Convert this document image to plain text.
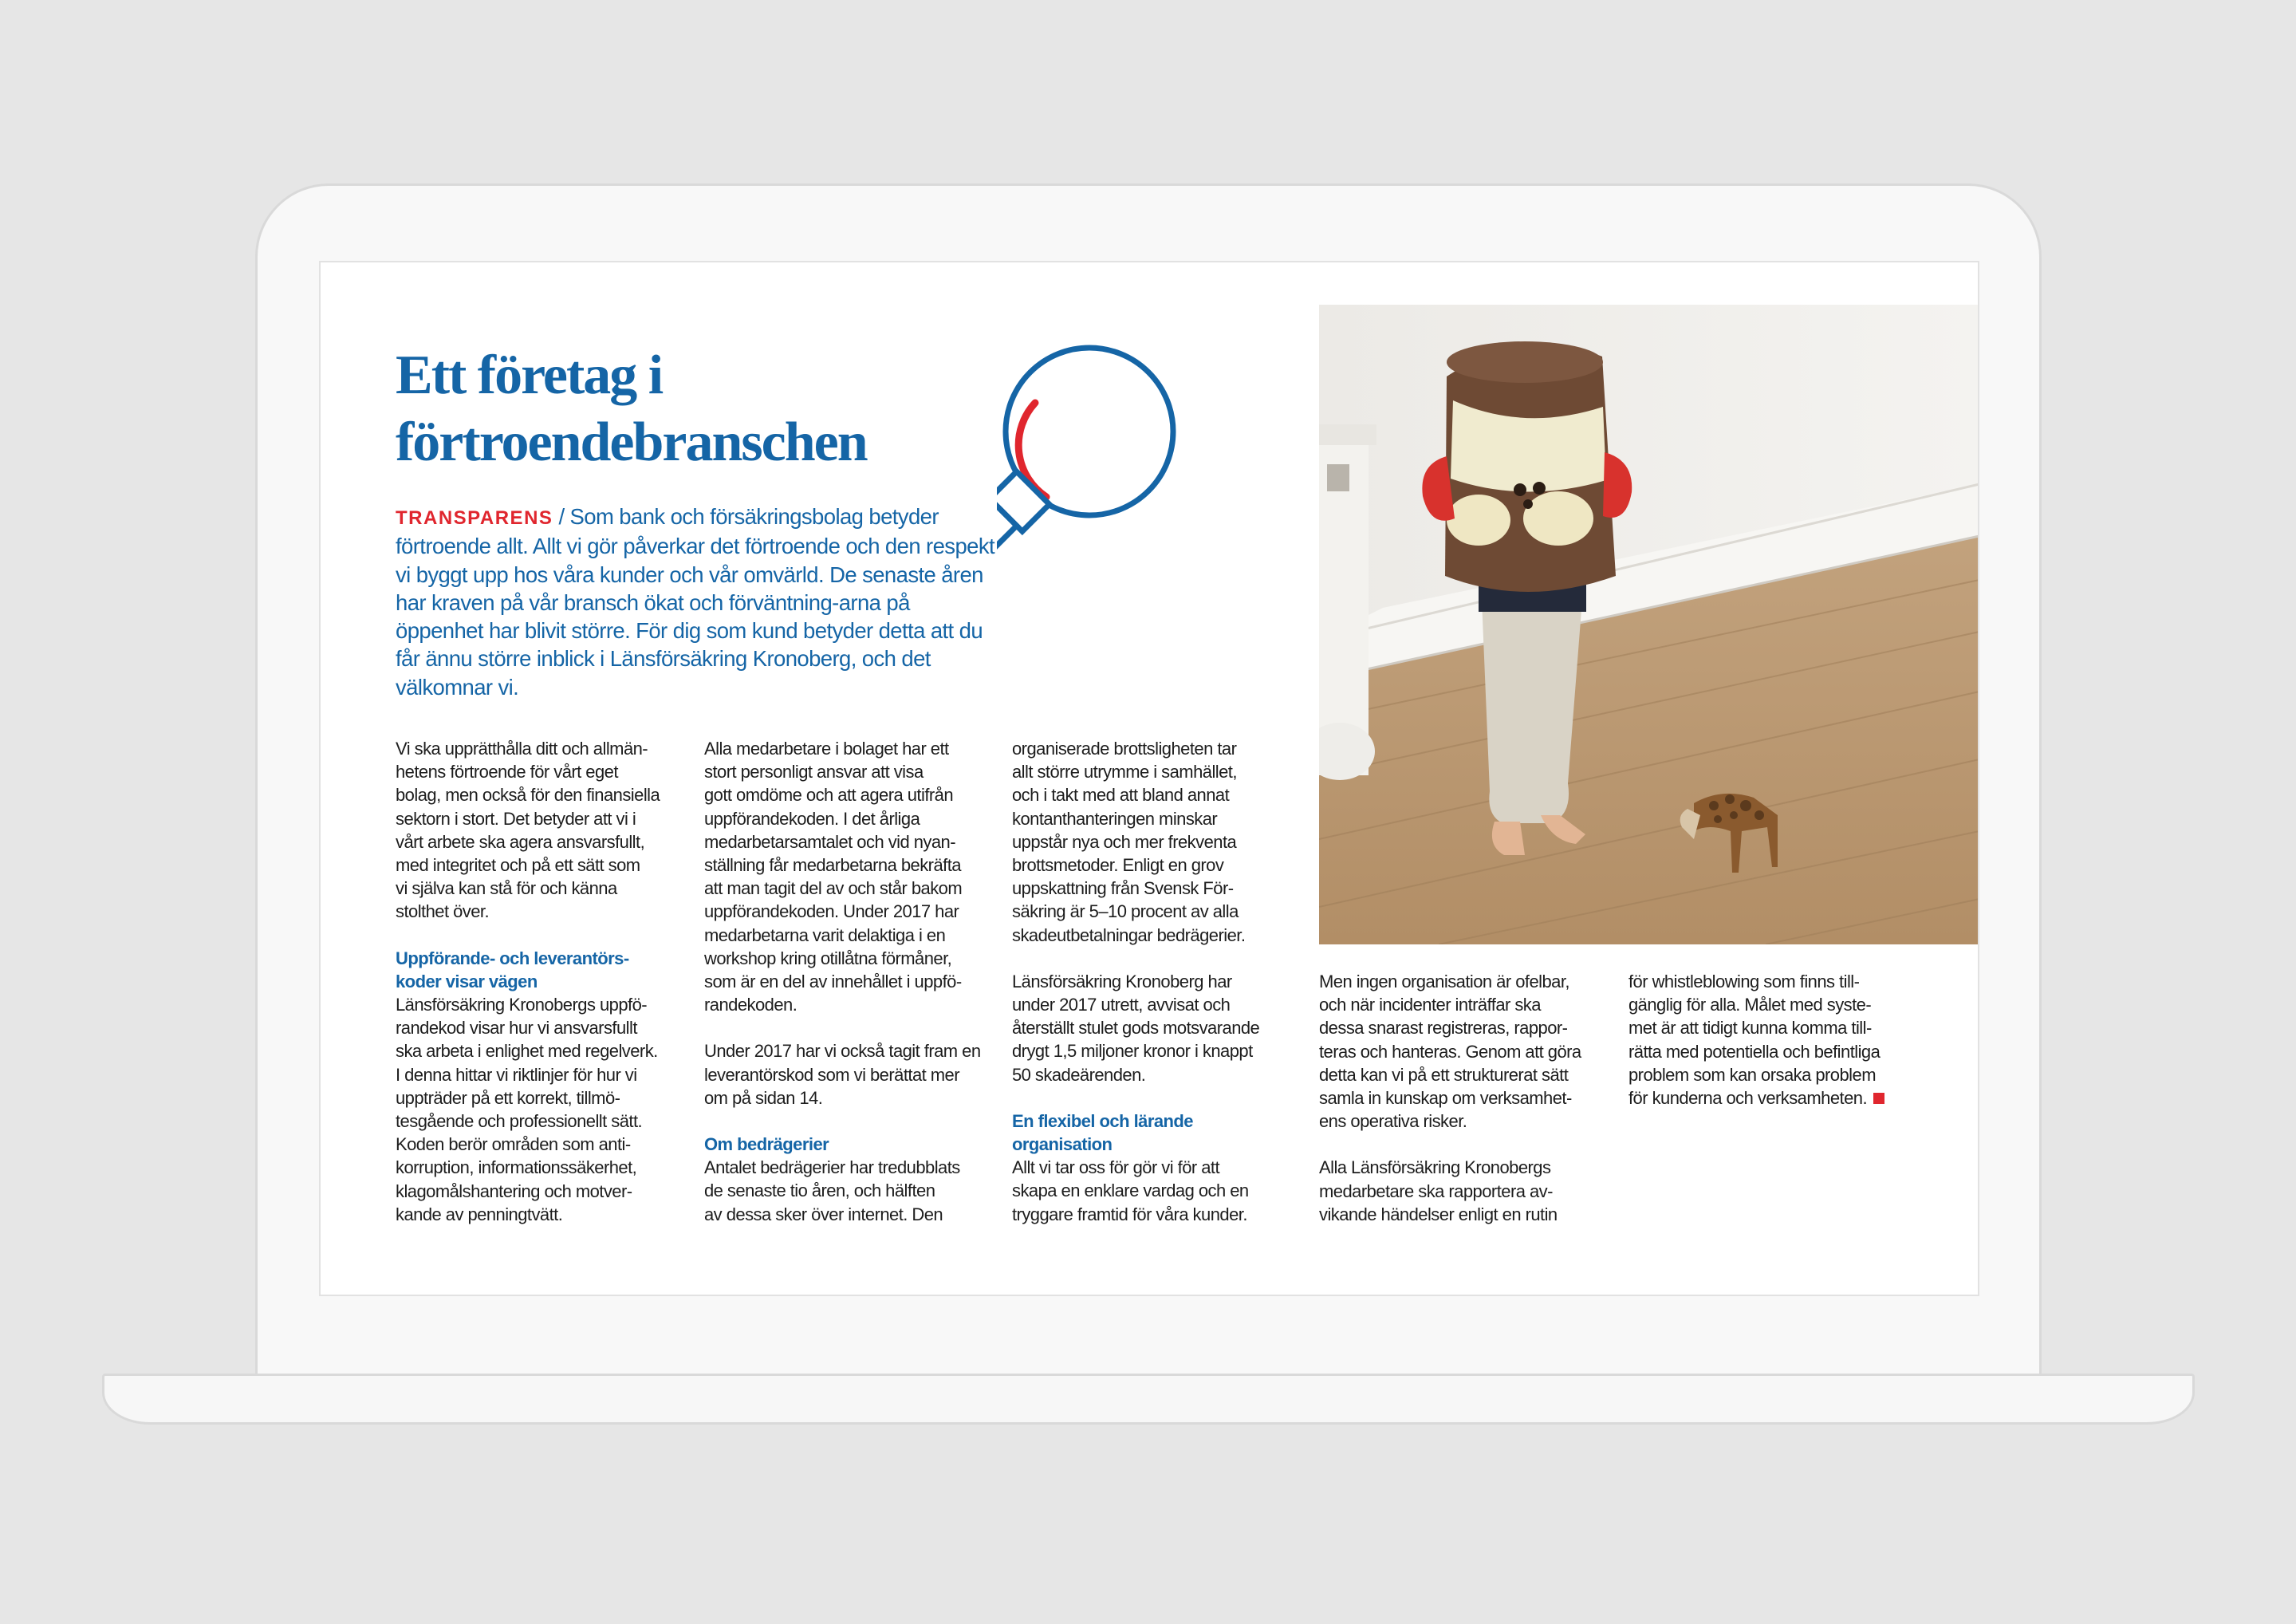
Ett företag i
förtroendebranschen

TRANSPARENS / Som bank och försäkringsbolag betyder förtroende allt. Allt vi gör påverkar det förtroende och den respekt vi byggt upp hos våra kunder och vår omvärld. De senaste åren har kraven på vår bransch ökat och förväntning-arna på öppenhet har blivit större. För dig som kund betyder detta att du får ännu större inblick i Länsförsäkring Kronoberg, och det välkomnar vi.

Vi ska upprätthålla ditt och allmän-
hetens förtroende för vårt eget
bolag, men också för den finansiella
sektorn i stort. Det betyder att vi i
vårt arbete ska agera ansvarsfullt,
med integritet och på ett sätt som
vi själva kan stå för och känna
stolthet över.

Uppförande- och leverantörs-
koder visar vägen

Länsförsäkring Kronobergs uppfö-
randekod visar hur vi ansvarsfullt
ska arbeta i enlighet med regelverk.
I denna hittar vi riktlinjer för hur vi
uppträder på ett korrekt, tillmö-
tesgående och professionellt sätt.
Koden berör områden som anti-
korruption, informationssäkerhet,
klagomålshantering och motver-
kande av penningtvätt.

Alla medarbetare i bolaget har ett
stort personligt ansvar att visa
gott omdöme och att agera utifrån
uppförandekoden. I det årliga
medarbetarsamtalet och vid nyan-
ställning får medarbetarna bekräfta
att man tagit del av och står bakom
uppförandekoden. Under 2017 har
medarbetarna varit delaktiga i en
workshop kring otillåtna förmåner,
som är en del av innehållet i uppfö-
randekoden.

Under 2017 har vi också tagit fram en
leverantörskod som vi berättat mer
om på sidan 14.

Om bedrägerier

Antalet bedrägerier har tredubblats
de senaste tio åren, och hälften
av dessa sker över internet. Den

organiserade brottsligheten tar
allt större utrymme i samhället,
och i takt med att bland annat
kontanthanteringen minskar
uppstår nya och mer frekventa
brottsmetoder. Enligt en grov
uppskattning från Svensk För-
säkring är 5–10 procent av alla
skadeutbetalningar bedrägerier.

Länsförsäkring Kronoberg har
under 2017 utrett, avvisat och
återställt stulet gods motsvarande
drygt 1,5 miljoner kronor i knappt
50 skadeärenden.

En flexibel och lärande
organisation

Allt vi tar oss för gör vi för att
skapa en enklare vardag och en
tryggare framtid för våra kunder.

Men ingen organisation är ofelbar,
och när incidenter inträffar ska
dessa snarast registreras, rappor-
teras och hanteras. Genom att göra
detta kan vi på ett strukturerat sätt
samla in kunskap om verksamhet-
ens operativa risker.

Alla Länsförsäkring Kronobergs
medarbetare ska rapportera av-
vikande händelser enligt en rutin

för whistleblowing som finns till-
gänglig för alla. Målet med syste-
met är att tidigt kunna komma till-
rätta med potentiella och befintliga
problem som kan orsaka problem
för kunderna och verksamheten.
